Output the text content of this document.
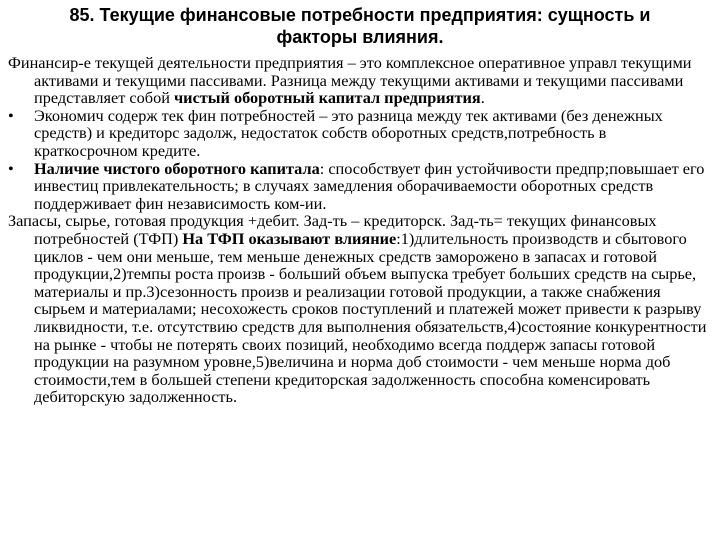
85. Текущие финансовые потребности предприятия: сущность и факторы влияния.

Финансир-е текущей деятельности предприятия – это комплексное оперативное управл текущими активами и текущими пассивами. Разница между текущими активами и текущими пассивами представляет собой чистый оборотный капитал предприятия.

•	Экономич содерж тек фин потребностей – это разница между тек активами (без денежных средств) и кредиторс задолж, недостаток собств оборотных средств,потребность в краткосрочном кредите.

•	Наличие чистого оборотного капитала: способствует фин устойчивости предпр;повышает его инвестиц привлекательность; в случаях замедления оборачиваемости оборотных средств поддерживает фин независимость ком-ии.

Запасы, сырье, готовая продукция +дебит. Зад-ть – кредиторск. Зад-ть= текущих финансовых потребностей (ТФП) На ТФП оказывают влияние:1)длительность производств и сбытового циклов - чем они меньше, тем меньше денежных средств заморожено в запасах и готовой продукции,2)темпы роста произв - больший объем выпуска требует больших средств на сырье, материалы и пр.3)сезонность произв и реализации готовой продукции, а также снабжения сырьем и материалами; несохожесть сроков поступлений и платежей может привести к разрыву ликвидности, т.е. отсутствию средств для выполнения обязательств,4)состояние конкурентности на рынке - чтобы не потерять своих позиций, необходимо всегда поддерж запасы готовой продукции на разумном уровне,5)величина и норма доб стоимости - чем меньше норма доб стоимости,тем в большей степени кредиторская задолженность способна коменсировать дебиторскую задолженность.
